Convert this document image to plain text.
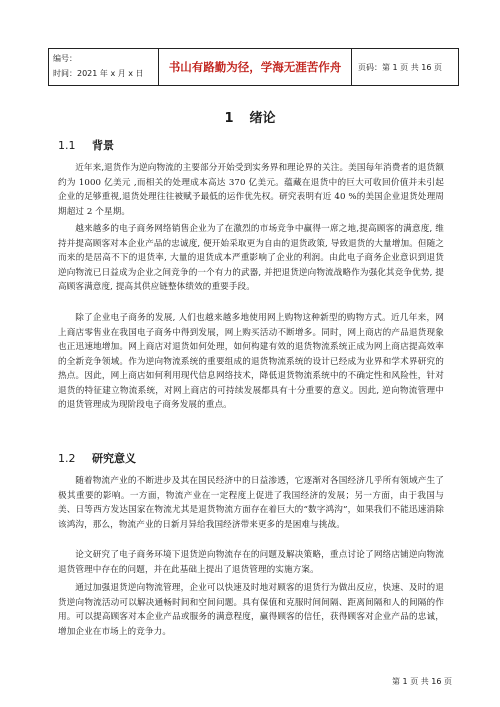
编号：
时间：2021 年 x 月 x 日	书山有路勤为径，学海无涯苦作舟	页码：第 1 页 共 16 页
1 绪论
1.1 背景

近年来,退货作为逆向物流的主要部分开始受到实务界和理论界的关注。美国每年消费者的退货额约为 1000 亿美元 ,而相关的处理成本高达 370 亿美元。蕴藏在退货中的巨大可收回价值并未引起企业的足够重视,退货处理往往被赋予最低的运作优先权。研究表明有近 40 %的美国企业退货处理周期超过 2 个星期。

越来越多的电子商务网络销售企业为了在激烈的市场竞争中赢得一席之地,提高顾客的满意度, 维持并提高顾客对本企业产品的忠诚度, 便开始采取更为自由的退货政策, 导致退货的大量增加。但随之而来的是居高不下的退货率, 大量的退货成本严重影响了企业的利润。由此电子商务企业意识到退货逆向物流已日益成为企业之间竞争的一个有力的武器, 并把退货逆向物流战略作为强化其竞争优势, 提高顾客满意度, 提高其供应链整体绩效的重要手段。

除了企业电子商务的发展, 人们也越来越多地使用网上购物这种新型的购物方式。近几年来，网上商店零售业在我国电子商务中得到发展，网上购买活动不断增多。同时，网上商店的产品退货现象也正迅速地增加。网上商店对退货如何处理，如何构建有效的退货物流系统正成为网上商店提高效率的全新竞争领域。作为逆向物流系统的重要组成的退货物流系统的设计已经成为业界和学术界研究的热点。因此，网上商店如何利用现代信息网络技术，降低退货物流系统中的不确定性和风险性，针对退货的特征建立物流系统，对网上商店的可持续发展都具有十分重要的意义。因此, 逆向物流管理中的退货管理成为现阶段电子商务发展的重点。

1.2 研究意义

随着物流产业的不断进步及其在国民经济中的日益渗透，它逐渐对各国经济几乎所有领域产生了极其重要的影响。一方面，物流产业在一定程度上促进了我国经济的发展；另一方面，由于我国与美、日等西方发达国家在物流尤其是退货物流方面存在着巨大的“数字鸿沟”，如果我们不能迅速消除该鸿沟，那么，物流产业的日新月异给我国经济带来更多的是困难与挑战。

论文研究了电子商务环境下退货逆向物流存在的问题及解决策略，重点讨论了网络店铺逆向物流退货管理中存在的问题，并在此基础上提出了退货管理的实施方案。

通过加强退货逆向物流管理，企业可以快速及时地对顾客的退货行为做出反应，快速、及时的退货逆向物流活动可以解决通畅时间和空间问题。具有保值和克服时间间隔、距离间隔和人的间隔的作用。可以提高顾客对本企业产品或服务的满意程度，赢得顾客的信任，获得顾客对企业产品的忠诚，增加企业在市场上的竞争力。

第 1 页 共 16 页
